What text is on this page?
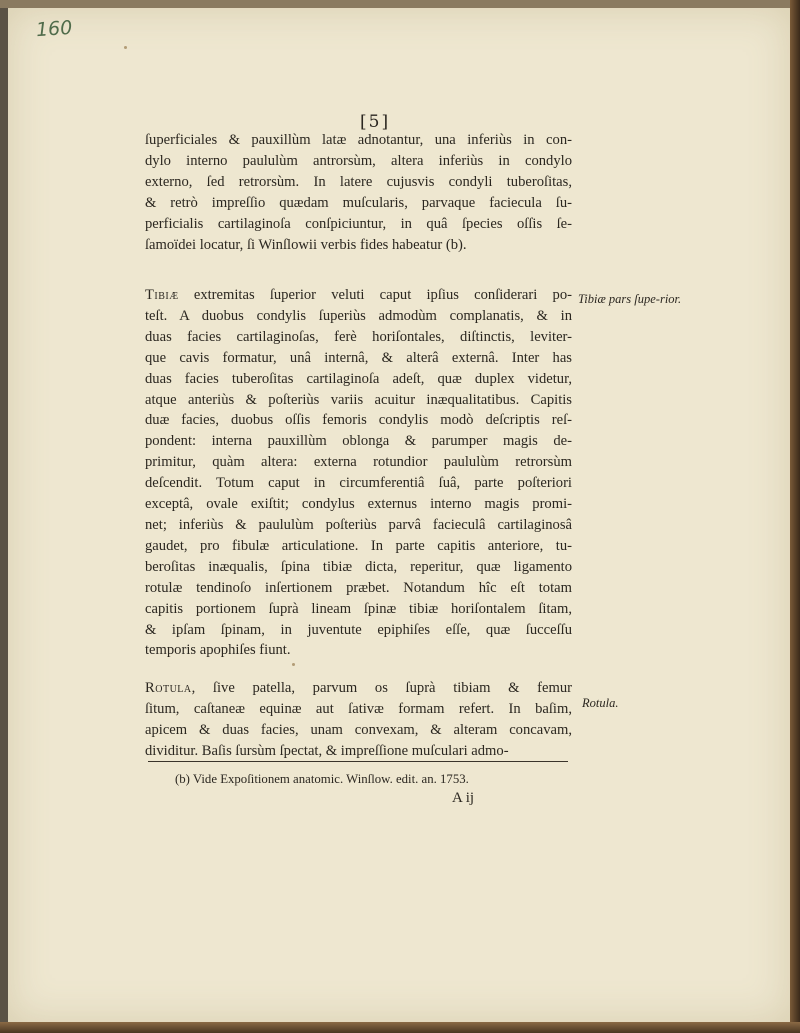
160
[5]
ſuperficiales & pauxillùm latæ adnotantur, una inferiùs in con-
dylo interno paululùm antrorsùm, altera inferiùs in condylo
externo, ſed retrorsùm. In latere cujusvis condyli tuberoſitas,
& retrò impreſſio quædam muſcularis, parvaque faciecula ſu-
perficialis cartilaginoſa conſpiciuntur, in quâ ſpecies oſſis ſe-
ſamoïdei locatur, ſi Winſlowii verbis fides habeatur (b).
Tibiæ extremitas ſuperior veluti caput ipſius conſiderari po-
teſt. A duobus condylis ſuperiùs admodùm complanatis, & in
duas facies cartilaginoſas, ferè horiſontales, diſtinctis, leviter-
que cavis formatur, unâ internâ, & alterâ externâ. Inter has
duas facies tuberoſitas cartilaginoſa adeſt, quæ duplex videtur,
atque anteriùs & poſteriùs variis acuitur inæqualitatibus. Capitis
duæ facies, duobus oſſis femoris condylis modò deſcriptis reſ-
pondent: interna pauxillùm oblonga & parumper magis de-
primitur, quàm altera: externa rotundior paululùm retrorsùm
deſcendit. Totum caput in circumferentiâ ſuâ, parte poſteriori
exceptâ, ovale exiſtit; condylus externus interno magis promi-
net; inferiùs & paululùm poſteriùs parvâ facieculâ cartilaginosâ
gaudet, pro fibulæ articulatione. In parte capitis anteriore, tu-
beroſitas inæqualis, ſpina tibiæ dicta, reperitur, quæ ligamento
rotulæ tendinoſo inſertionem præbet. Notandum hîc eſt totam
capitis portionem ſuprà lineam ſpinæ tibiæ horiſontalem ſitam,
& ipſam ſpinam, in juventute epiphiſes eſſe, quæ ſucceſſu
temporis apophiſes fiunt.
Tibiæ pars ſupe-rior.
Rotula, ſive patella, parvum os ſuprà tibiam & femur
ſitum, caſtaneæ equinæ aut ſativæ formam refert. In baſim,
apicem & duas facies, unam convexam, & alteram concavam,
dividitur. Baſis ſursùm ſpectat, & impreſſione muſculari admo-
Rotula.
(b) Vide Expoſitionem anatomic. Winſlow. edit. an. 1753.
A ij
